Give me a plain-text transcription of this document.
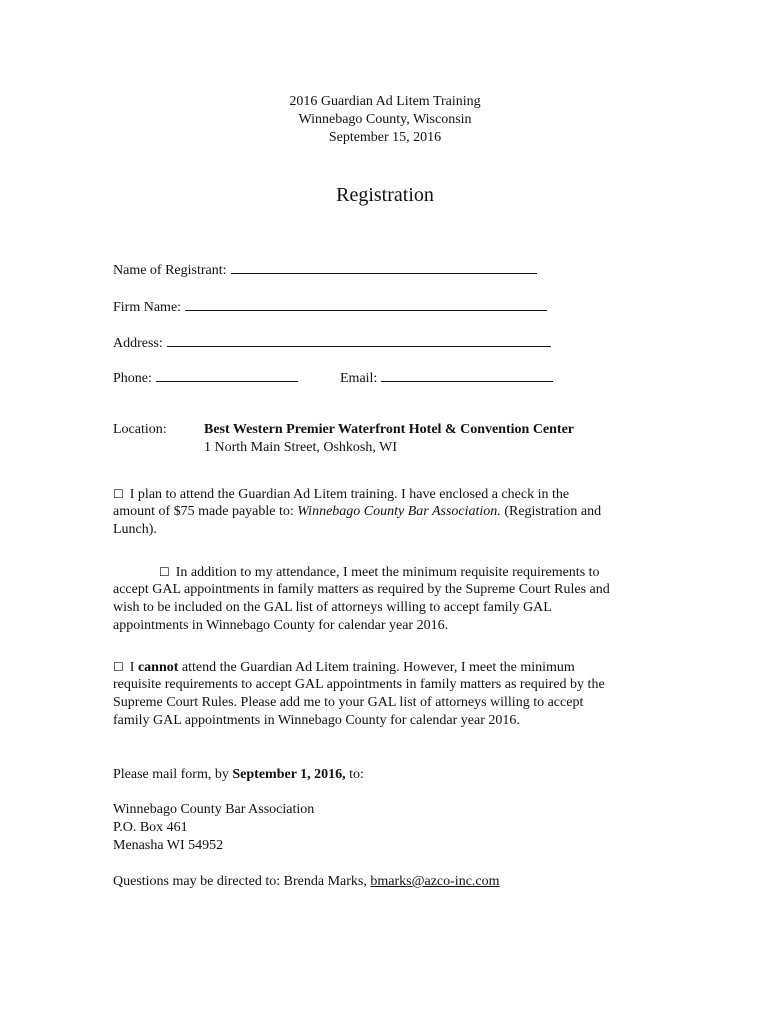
2016 Guardian Ad Litem Training
Winnebago County, Wisconsin
September 15, 2016
Registration
Name of Registrant:
Firm Name:
Address:
Phone:	Email:
Location:	Best Western Premier Waterfront Hotel & Convention Center
1 North Main Street, Oshkosh, WI
☐ I plan to attend the Guardian Ad Litem training. I have enclosed a check in the
amount of $75 made payable to: Winnebago County Bar Association. (Registration and
Lunch).
☐ In addition to my attendance, I meet the minimum requisite requirements to
accept GAL appointments in family matters as required by the Supreme Court Rules and
wish to be included on the GAL list of attorneys willing to accept family GAL
appointments in Winnebago County for calendar year 2016.
☐ I cannot attend the Guardian Ad Litem training. However, I meet the minimum
requisite requirements to accept GAL appointments in family matters as required by the
Supreme Court Rules. Please add me to your GAL list of attorneys willing to accept
family GAL appointments in Winnebago County for calendar year 2016.
Please mail form, by September 1, 2016, to:
Winnebago County Bar Association
P.O. Box 461
Menasha WI 54952
Questions may be directed to: Brenda Marks, bmarks@azco-inc.com
